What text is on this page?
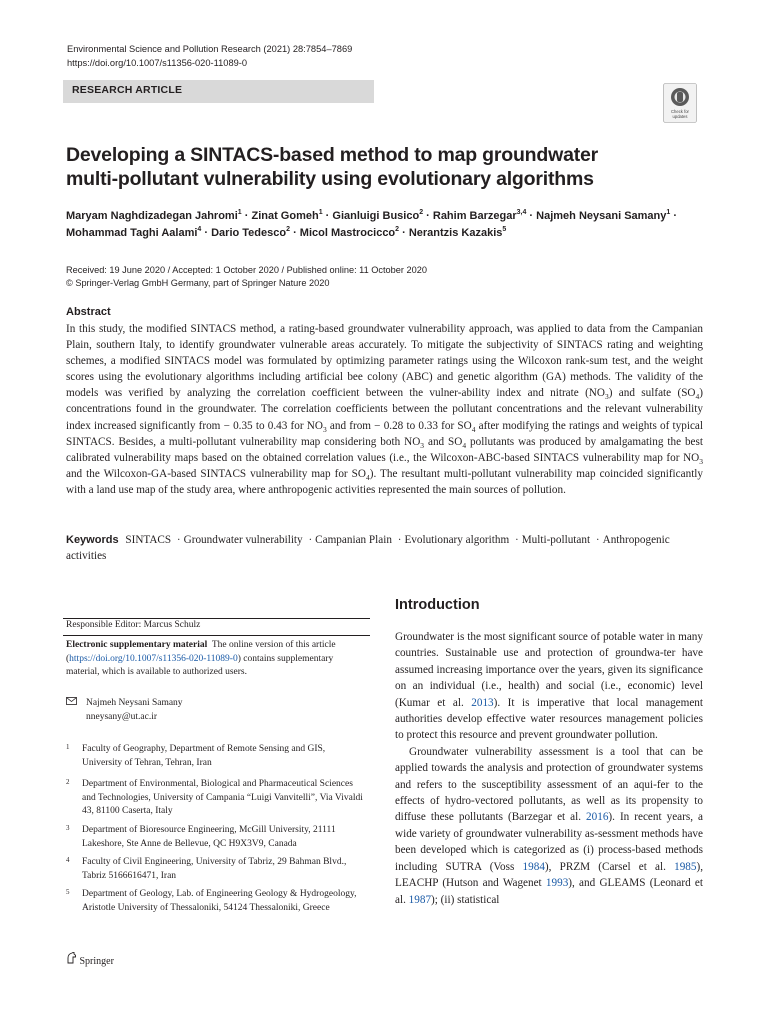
Environmental Science and Pollution Research (2021) 28:7854–7869
https://doi.org/10.1007/s11356-020-11089-0
RESEARCH ARTICLE
Check for
updates
Developing a SINTACS-based method to map groundwater
multi-pollutant vulnerability using evolutionary algorithms
Maryam Naghdizadegan Jahromi$^1$ · Zinat Gomeh$^1$ · Gianluigi Busico$^2$ · Rahim Barzegar$^{3,4}$ · Najmeh Neysani Samany$^1$ ·
Mohammad Taghi Aalami$^4$ · Dario Tedesco$^2$ · Micol Mastrocicco$^2$ · Nerantzis Kazakis$^5$
Received: 19 June 2020 / Accepted: 1 October 2020 / Published online: 11 October 2020
© Springer-Verlag GmbH Germany, part of Springer Nature 2020
Abstract
In this study, the modified SINTACS method, a rating-based groundwater vulnerability approach, was applied to data from the Campanian Plain, southern Italy, to identify groundwater vulnerable areas accurately. To mitigate the subjectivity of SINTACS rating and weighting schemes, a modified SINTACS model was formulated by optimizing parameter ratings using the Wilcoxon rank-sum test, and the weight scores using the evolutionary algorithms including artificial bee colony (ABC) and genetic algorithm (GA) methods. The validity of the models was verified by analyzing the correlation coefficient between the vulner-ability index and nitrate $(NO_3)$ and sulfate $(SO_4)$ concentrations found in the groundwater. The correlation coefficients between the pollutant concentrations and the relevant vulnerability index increased significantly from − 0.35 to 0.43 for $NO_3$ and from − 0.28 to 0.33 for $SO_4$ after modifying the ratings and weights of typical SINTACS. Besides, a multi-pollutant vulnerability map considering both $NO_3$ and $SO_4$ pollutants was produced by amalgamating the best calibrated vulnerability maps based on the obtained correlation values (i.e., the Wilcoxon-ABC-based SINTACS vulnerability map for $NO_3$ and the Wilcoxon-GA-based SINTACS vulnerability map for $SO_4$). The resultant multi-pollutant vulnerability map coincided significantly with a land use map of the study area, where anthropogenic activities represented the main sources of pollution.
Keywords SINTACS · Groundwater vulnerability · Campanian Plain · Evolutionary algorithm · Multi-pollutant · Anthropogenic activities
Responsible Editor: Marcus Schulz
Electronic supplementary material The online version of this article (https://doi.org/10.1007/s11356-020-11089-0) contains supplementary material, which is available to authorized users.
Najmeh Neysani Samany
nneysany@ut.ac.ir
1	Faculty of Geography, Department of Remote Sensing and GIS, University of Tehran, Tehran, Iran
2	Department of Environmental, Biological and Pharmaceutical Sciences and Technologies, University of Campania “Luigi Vanvitelli”, Via Vivaldi 43, 81100 Caserta, Italy
3	Department of Bioresource Engineering, McGill University, 21111 Lakeshore, Ste Anne de Bellevue, QC H9X3V9, Canada
4	Faculty of Civil Engineering, University of Tabriz, 29 Bahman Blvd., Tabriz 5166616471, Iran
5	Department of Geology, Lab. of Engineering Geology & Hydrogeology, Aristotle University of Thessaloniki, 54124 Thessaloniki, Greece
Introduction

Groundwater is the most significant source of potable water in many countries. Sustainable use and protection of groundwa-ter have assumed increasing importance over the years, given its significance on an individual (i.e., health) and social (i.e., economic) level (Kumar et al. 2013). It is imperative that local management authorities develop effective water resources management policies to protect this resource and prevent groundwater pollution.

Groundwater vulnerability assessment is a tool that can be applied towards the analysis and protection of groundwater systems and refers to the susceptibility assessment of an aqui-fer to the effects of hydro-vectored pollutants, as well as its propensity to diffuse these pollutants (Barzegar et al. 2016). In recent years, a wide variety of groundwater vulnerability as-sessment methods have been developed which is categorized as (i) process-based methods including SUTRA (Voss 1984), PRZM (Carsel et al. 1985), LEACHP (Hutson and Wagenet 1993), and GLEAMS (Leonard et al. 1987); (ii) statistical

Springer
